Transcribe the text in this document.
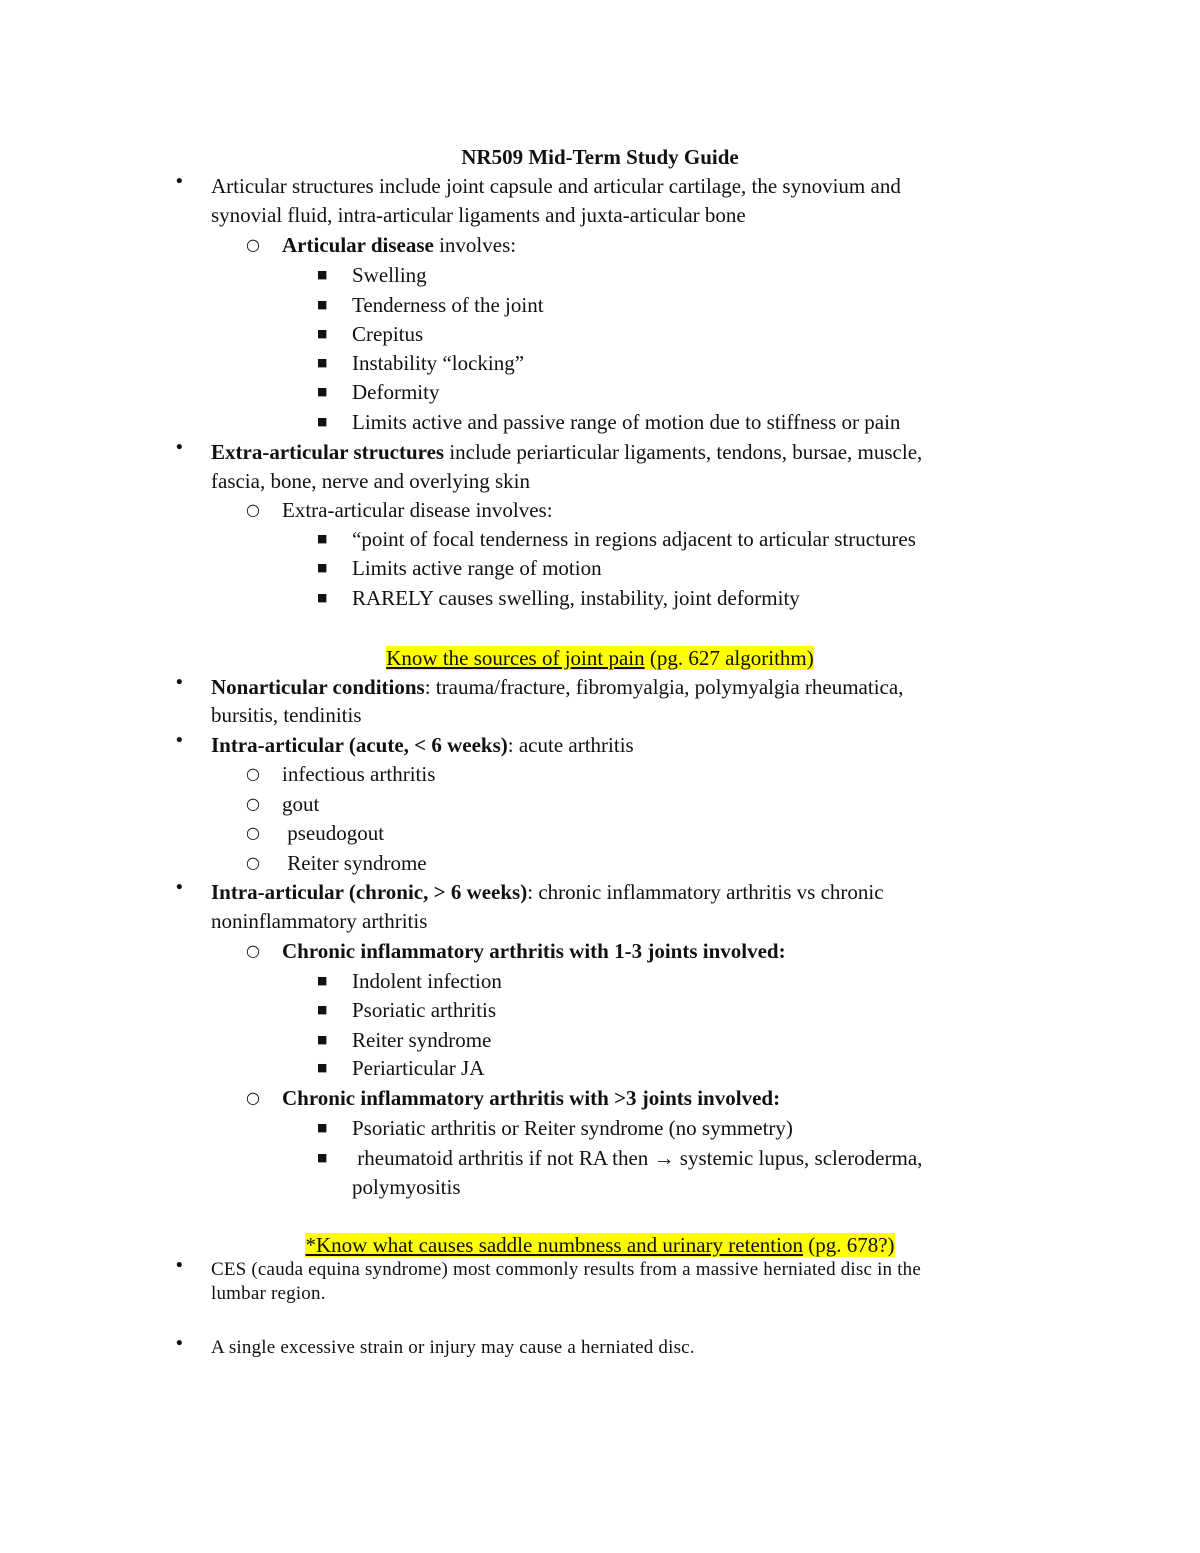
NR509 Mid-Term Study Guide
• Articular structures include joint capsule and articular cartilage, the synovium and
synovial fluid, intra-articular ligaments and juxta-articular bone
○ Articular disease involves:
■ Swelling
■ Tenderness of the joint
■ Crepitus
■ Instability “locking”
■ Deformity
■ Limits active and passive range of motion due to stiffness or pain
• Extra-articular structures include periarticular ligaments, tendons, bursae, muscle,
fascia, bone, nerve and overlying skin
○ Extra-articular disease involves:
■ “point of focal tenderness in regions adjacent to articular structures
■ Limits active range of motion
■ RARELY causes swelling, instability, joint deformity
Know the sources of joint pain (pg. 627 algorithm)
• Nonarticular conditions: trauma/fracture, fibromyalgia, polymyalgia rheumatica,
bursitis, tendinitis
• Intra-articular (acute, < 6 weeks): acute arthritis
○ infectious arthritis
○ gout
○ pseudogout
○ Reiter syndrome
• Intra-articular (chronic, > 6 weeks): chronic inflammatory arthritis vs chronic
noninflammatory arthritis
○ Chronic inflammatory arthritis with 1-3 joints involved:
■ Indolent infection
■ Psoriatic arthritis
■ Reiter syndrome
■ Periarticular JA
○ Chronic inflammatory arthritis with >3 joints involved:
■ Psoriatic arthritis or Reiter syndrome (no symmetry)
■ rheumatoid arthritis if not RA then → systemic lupus, scleroderma,
polymyositis
*Know what causes saddle numbness and urinary retention (pg. 678?)
• CES (cauda equina syndrome) most commonly results from a massive herniated disc in the
lumbar region.
• A single excessive strain or injury may cause a herniated disc.
